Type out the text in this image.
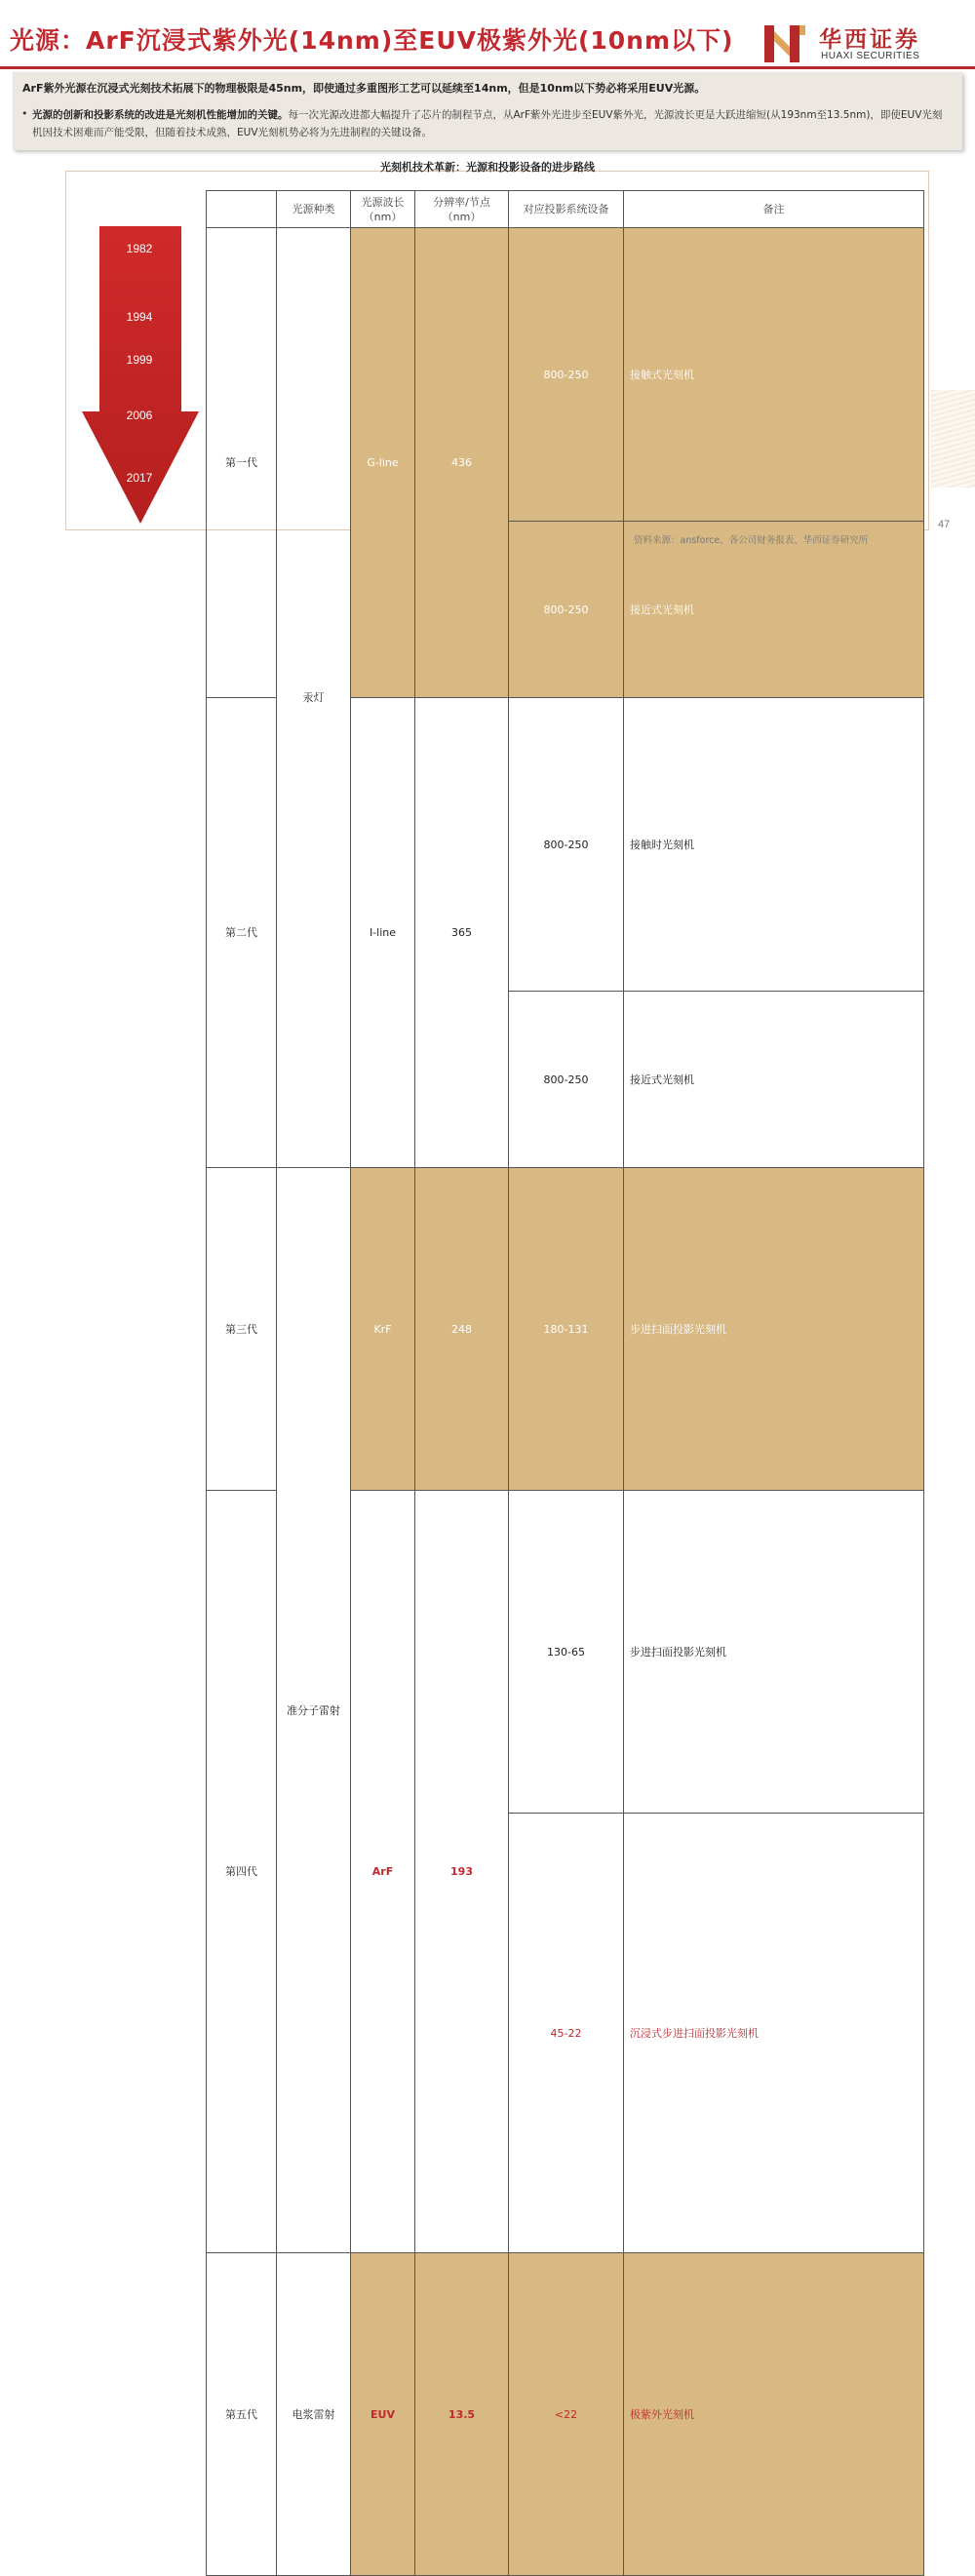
光源：ArF沉浸式紫外光(14nm)至EUV极紫外光(10nm以下)	华西证券
HUAXI SECURITIES
ArF紫外光源在沉浸式光刻技术拓展下的物理极限是45nm，即使通过多重图形工艺可以延续至14nm，但是10nm以下势必将采用EUV光源。
• 光源的创新和投影系统的改进是光刻机性能增加的关键。每一次光源改进都大幅提升了芯片的制程节点，从ArF紫外光进步至EUV紫外光，光源波长更是大跃进缩短(从193nm至13.5nm)，即使EUV光刻机因技术困难而产能受限，但随着技术成熟，EUV光刻机势必将为先进制程的关键设备。
光刻机技术革新：光源和投影设备的进步路线
1982
1994
1999
2006
2017
	光源种类	光源波长（nm）	分辨率/节点（nm）	对应投影系统设备	备注	
第一代	汞灯	G-line	436	800-250	接触式光刻机	
				800-250	接近式光刻机	
第二代		I-line	365	800-250	接触时光刻机	
				800-250	接近式光刻机	
第三代	准分子雷射	KrF	248	180-131	步进扫面投影光刻机	
第四代		ArF	193	130-65	步进扫面投影光刻机	
				45-22	沉浸式步进扫面投影光刻机	
第五代	电浆雷射	EUV	13.5	<22	极紫外光刻机	
资料来源：ansforce、各公司财务报表、华西证券研究所
47
